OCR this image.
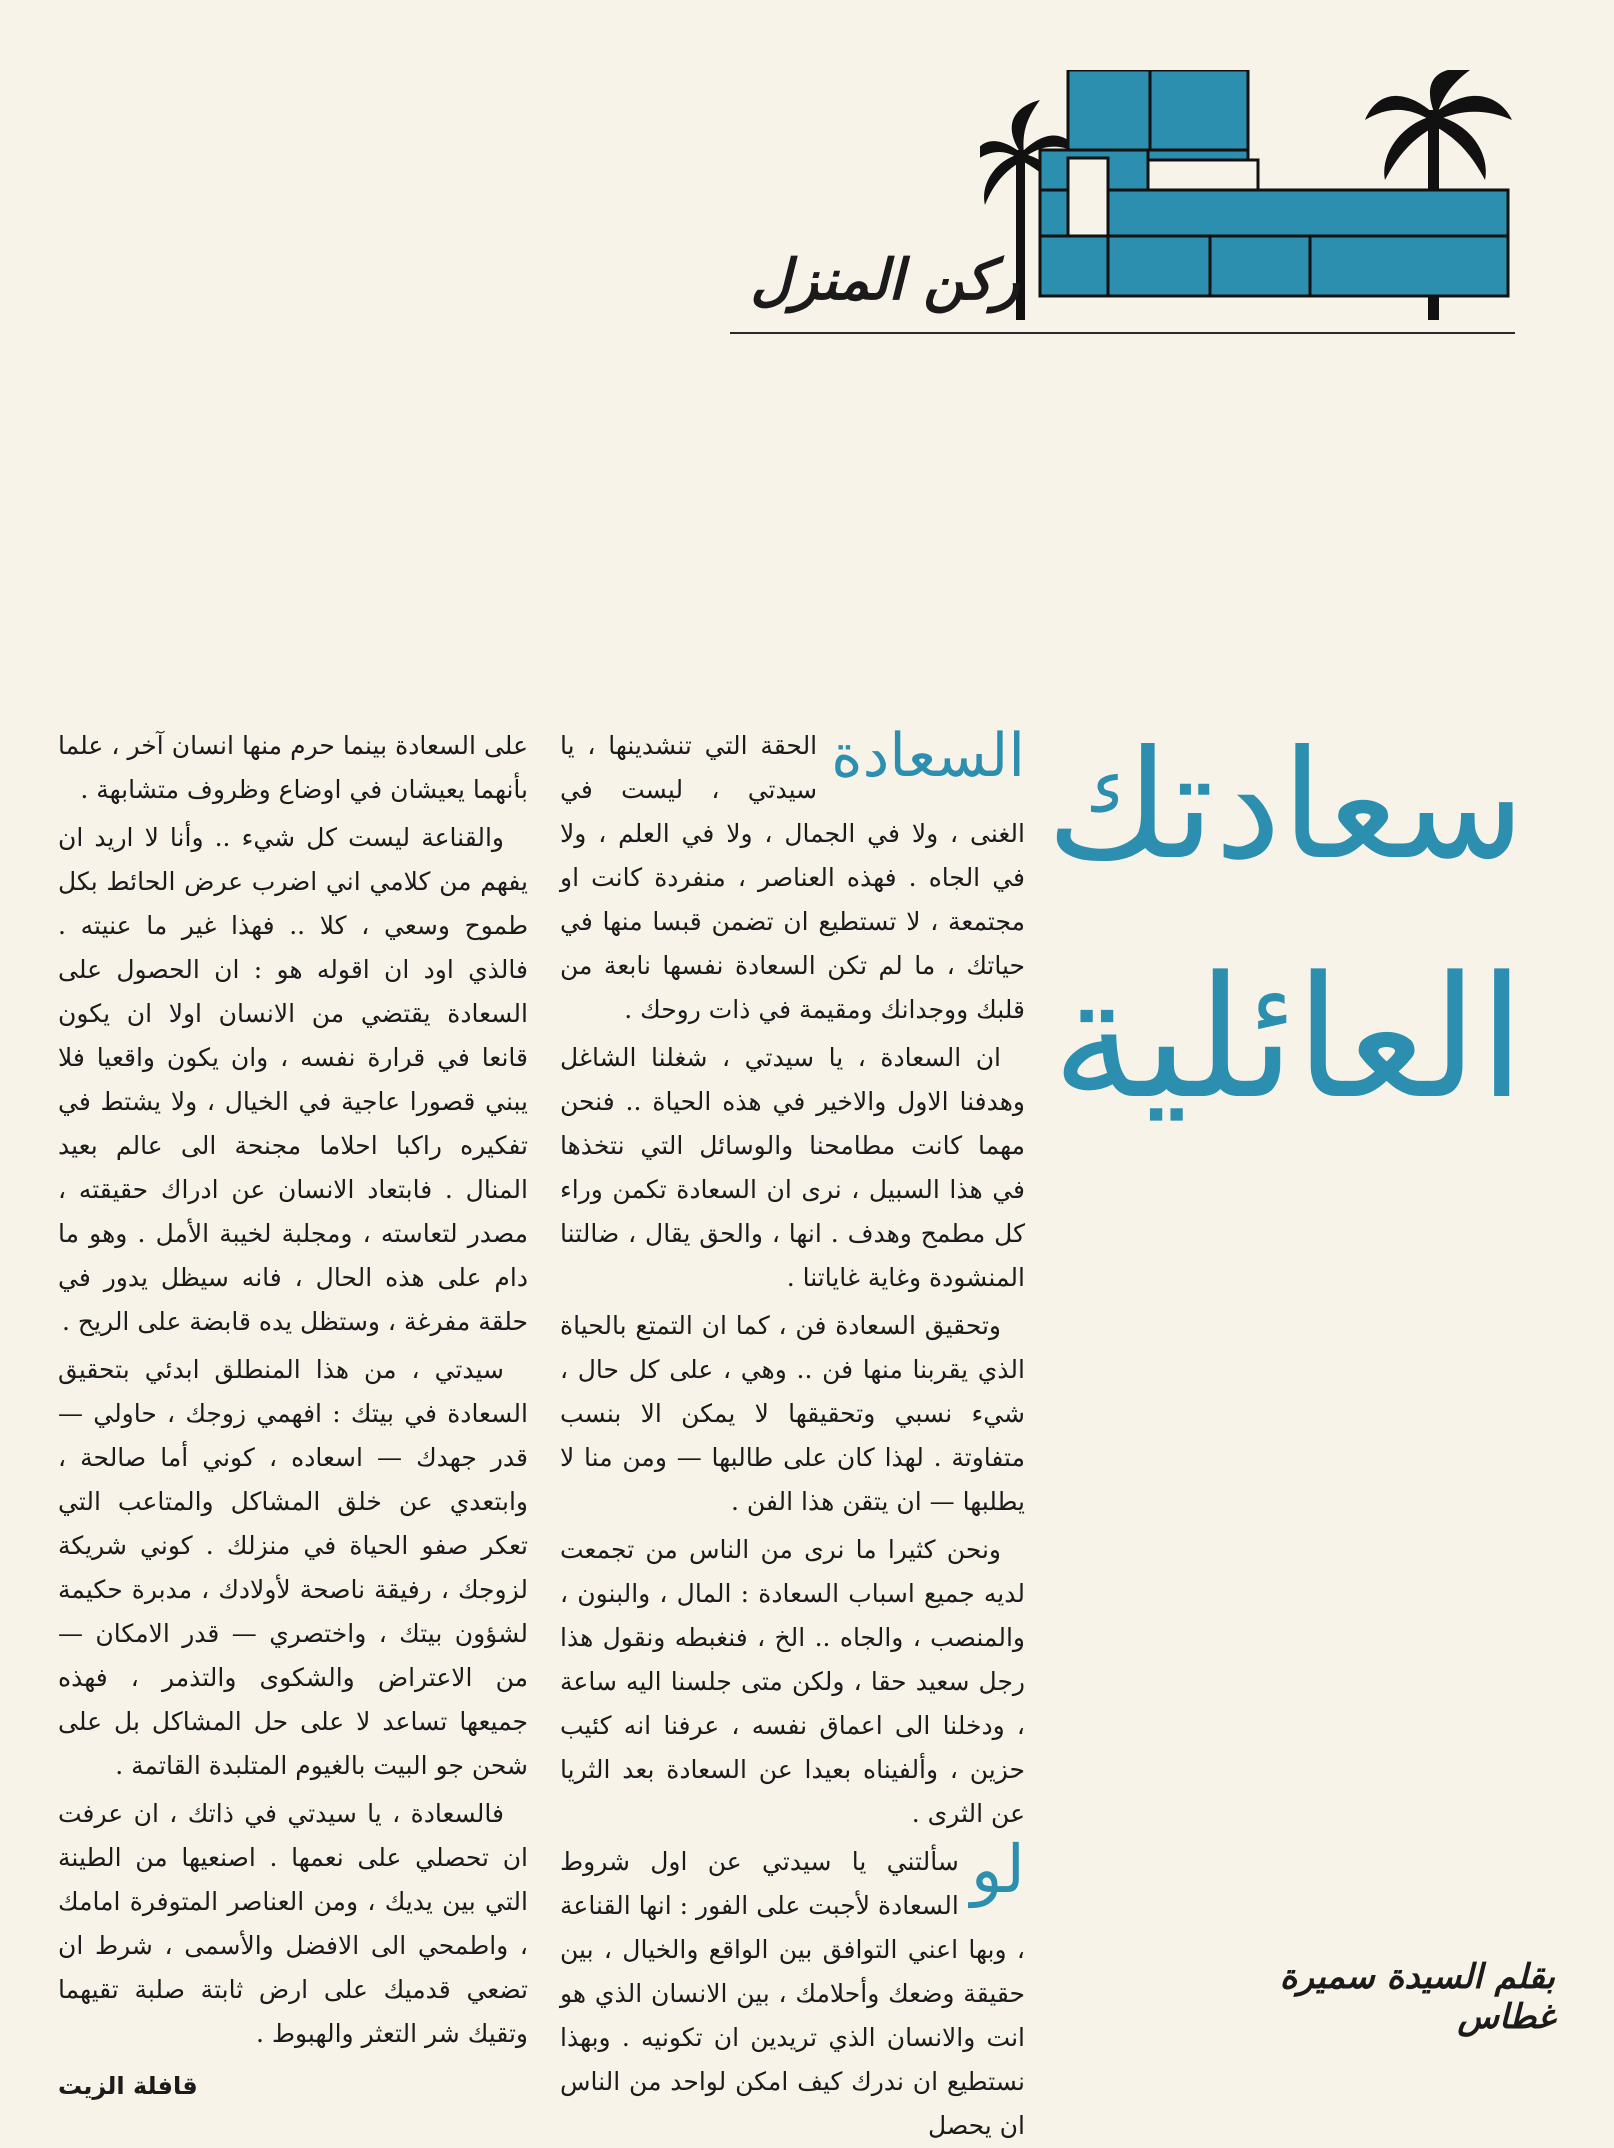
ركن المنزل
سعادتك
العائلية
بقلم السيدة سميرة غطاس

السعادة
الحقة التي تنشدينها ، يا سيدتي ، ليست في الغنى ، ولا في الجمال ، ولا في العلم ، ولا في الجاه . فهذه العناصر ، منفردة كانت او مجتمعة ، لا تستطيع ان تضمن قبسا منها في حياتك ، ما لم تكن السعادة نفسها نابعة من قلبك ووجدانك ومقيمة في ذات روحك .

ان السعادة ، يا سيدتي ، شغلنا الشاغل وهدفنا الاول والاخير في هذه الحياة .. فنحن مهما كانت مطامحنا والوسائل التي نتخذها في هذا السبيل ، نرى ان السعادة تكمن وراء كل مطمح وهدف . انها ، والحق يقال ، ضالتنا المنشودة وغاية غاياتنا .

وتحقيق السعادة فن ، كما ان التمتع بالحياة الذي يقربنا منها فن .. وهي ، على كل حال ، شيء نسبي وتحقيقها لا يمكن الا بنسب متفاوتة . لهذا كان على طالبها — ومن منا لا يطلبها — ان يتقن هذا الفن .

ونحن كثيرا ما نرى من الناس من تجمعت لديه جميع اسباب السعادة : المال ، والبنون ، والمنصب ، والجاه .. الخ ، فنغبطه ونقول هذا رجل سعيد حقا ، ولكن متى جلسنا اليه ساعة ، ودخلنا الى اعماق نفسه ، عرفنا انه كئيب حزين ، وألفيناه بعيدا عن السعادة بعد الثريا عن الثرى .

لو
سألتني يا سيدتي عن اول شروط السعادة لأجبت على الفور : انها القناعة ، وبها اعني التوافق بين الواقع والخيال ، بين حقيقة وضعك وأحلامك ، بين الانسان الذي هو انت والانسان الذي تريدين ان تكونيه . وبهذا نستطيع ان ندرك كيف امكن لواحد من الناس ان يحصل

على السعادة بينما حرم منها انسان آخر ، علما بأنهما يعيشان في اوضاع وظروف متشابهة .

والقناعة ليست كل شيء .. وأنا لا اريد ان يفهم من كلامي اني اضرب عرض الحائط بكل طموح وسعي ، كلا .. فهذا غير ما عنيته . فالذي اود ان اقوله هو : ان الحصول على السعادة يقتضي من الانسان اولا ان يكون قانعا في قرارة نفسه ، وان يكون واقعيا فلا يبني قصورا عاجية في الخيال ، ولا يشتط في تفكيره راكبا احلاما مجنحة الى عالم بعيد المنال . فابتعاد الانسان عن ادراك حقيقته ، مصدر لتعاسته ، ومجلبة لخيبة الأمل . وهو ما دام على هذه الحال ، فانه سيظل يدور في حلقة مفرغة ، وستظل يده قابضة على الريح .

سيدتي ، من هذا المنطلق ابدئي بتحقيق السعادة في بيتك : افهمي زوجك ، حاولي — قدر جهدك — اسعاده ، كوني أما صالحة ، وابتعدي عن خلق المشاكل والمتاعب التي تعكر صفو الحياة في منزلك . كوني شريكة لزوجك ، رفيقة ناصحة لأولادك ، مدبرة حكيمة لشؤون بيتك ، واختصري — قدر الامكان — من الاعتراض والشكوى والتذمر ، فهذه جميعها تساعد لا على حل المشاكل بل على شحن جو البيت بالغيوم المتلبدة القاتمة .

فالسعادة ، يا سيدتي في ذاتك ، ان عرفت ان تحصلي على نعمها . اصنعيها من الطينة التي بين يديك ، ومن العناصر المتوفرة امامك ، واطمحي الى الافضل والأسمى ، شرط ان تضعي قدميك على ارض ثابتة صلبة تقيهما وتقيك شر التعثر والهبوط .

قافلة الزيت
